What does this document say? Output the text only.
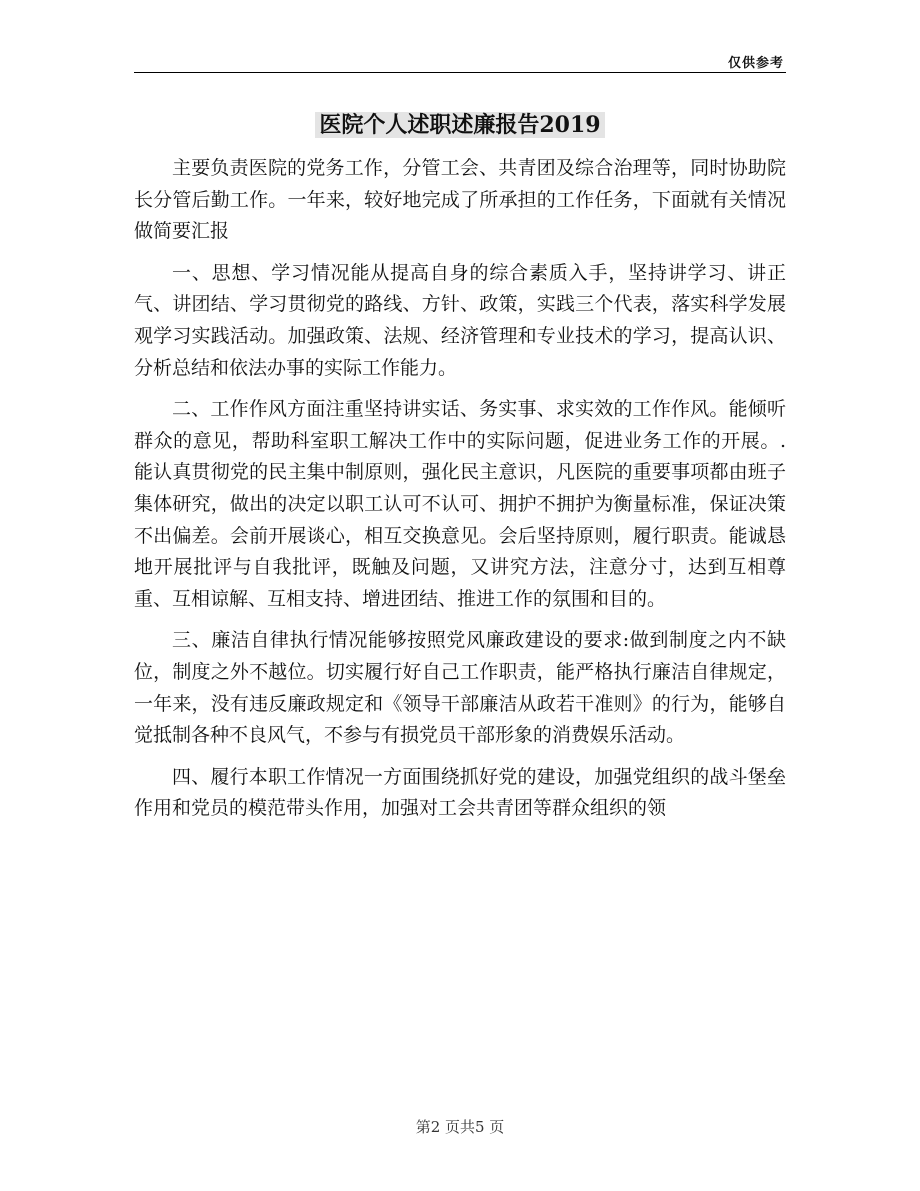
仅供参考
医院个人述职述廉报告2019

主要负责医院的党务工作，分管工会、共青团及综合治理等，同时协助院长分管后勤工作。一年来，较好地完成了所承担的工作任务，下面就有关情况做简要汇报

一、思想、学习情况能从提高自身的综合素质入手，坚持讲学习、讲正气、讲团结、学习贯彻党的路线、方针、政策，实践三个代表，落实科学发展观学习实践活动。加强政策、法规、经济管理和专业技术的学习，提高认识、分析总结和依法办事的实际工作能力。

二、工作作风方面注重坚持讲实话、务实事、求实效的工作作风。能倾听群众的意见，帮助科室职工解决工作中的实际问题，促进业务工作的开展。.能认真贯彻党的民主集中制原则，强化民主意识，凡医院的重要事项都由班子集体研究，做出的决定以职工认可不认可、拥护不拥护为衡量标准，保证决策不出偏差。会前开展谈心，相互交换意见。会后坚持原则，履行职责。能诚恳地开展批评与自我批评，既触及问题，又讲究方法，注意分寸，达到互相尊重、互相谅解、互相支持、增进团结、推进工作的氛围和目的。

三、廉洁自律执行情况能够按照党风廉政建设的要求:做到制度之内不缺位，制度之外不越位。切实履行好自己工作职责，能严格执行廉洁自律规定，一年来，没有违反廉政规定和《领导干部廉洁从政若干准则》的行为，能够自觉抵制各种不良风气，不参与有损党员干部形象的消费娱乐活动。

四、履行本职工作情况一方面围绕抓好党的建设，加强党组织的战斗堡垒作用和党员的模范带头作用，加强对工会共青团等群众组织的领

第2 页共5 页
